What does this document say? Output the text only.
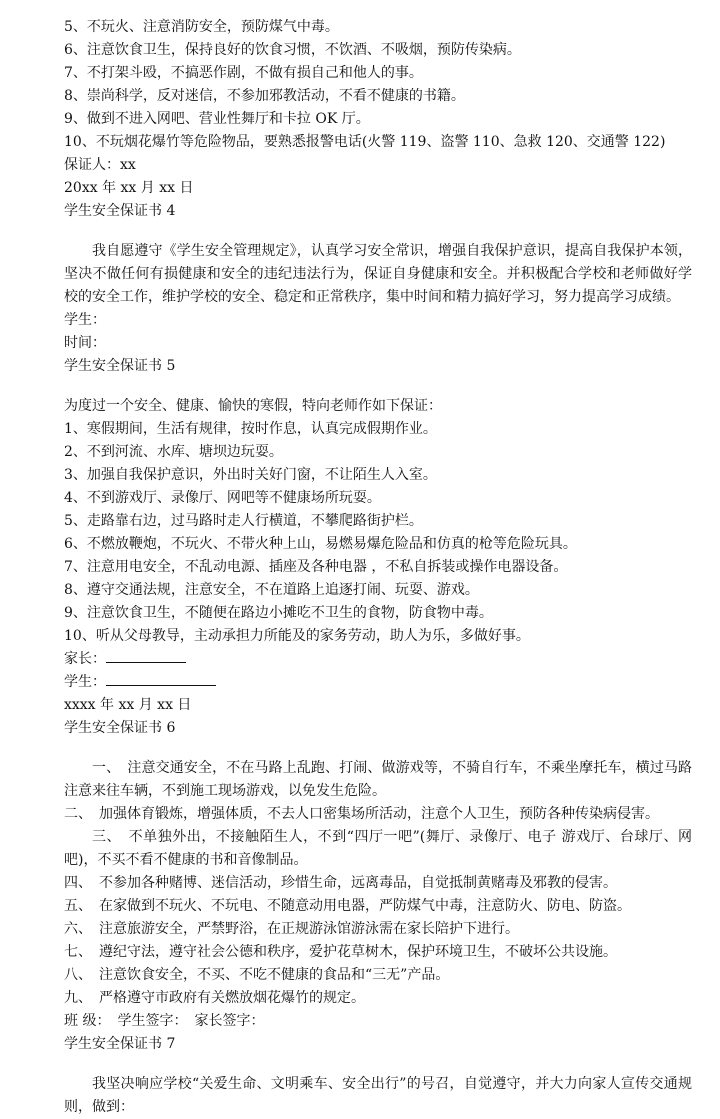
5、不玩火、注意消防安全，预防煤气中毒。
6、注意饮食卫生，保持良好的饮食习惯，不饮酒、不吸烟，预防传染病。
7、不打架斗殴，不搞恶作剧，不做有损自己和他人的事。
8、崇尚科学，反对迷信，不参加邪教活动，不看不健康的书籍。
9、做到不进入网吧、营业性舞厅和卡拉 OK 厅。
10、不玩烟花爆竹等危险物品，要熟悉报警电话(火警 119、盗警 110、急救 120、交通警 122)
保证人：xx
20xx 年 xx 月 xx 日
学生安全保证书 4
我自愿遵守《学生安全管理规定》，认真学习安全常识，增强自我保护意识，提高自我保护本领，坚决不做任何有损健康和安全的违纪违法行为，保证自身健康和安全。并积极配合学校和老师做好学校的安全工作，维护学校的安全、稳定和正常秩序，集中时间和精力搞好学习，努力提高学习成绩。
学生：
时间：
学生安全保证书 5
为度过一个安全、健康、愉快的寒假，特向老师作如下保证：
1、寒假期间，生活有规律，按时作息，认真完成假期作业。
2、不到河流、水库、塘坝边玩耍。
3、加强自我保护意识，外出时关好门窗，不让陌生人入室。
4、不到游戏厅、录像厅、网吧等不健康场所玩耍。
5、走路靠右边，过马路时走人行横道，不攀爬路街护栏。
6、不燃放鞭炮，不玩火、不带火种上山，易燃易爆危险品和仿真的枪等危险玩具。
7、注意用电安全，不乱动电源、插座及各种电器 ，不私自拆装或操作电器设备。
8、遵守交通法规，注意安全，不在道路上追逐打闹、玩耍、游戏。
9、注意饮食卫生，不随便在路边小摊吃不卫生的食物，防食物中毒。
10、听从父母教导，主动承担力所能及的家务劳动，助人为乐，多做好事。
家长：
学生：
xxxx 年 xx 月 xx 日
学生安全保证书 6
一、　注意交通安全，不在马路上乱跑、打闹、做游戏等，不骑自行车，不乘坐摩托车，横过马路注意来往车辆，不到施工现场游戏，以免发生危险。
二、　加强体育锻炼，增强体质，不去人口密集场所活动，注意个人卫生，预防各种传染病侵害。
三、　不单独外出，不接触陌生人，不到“四厅一吧”(舞厅、录像厅、电子 游戏厅、台球厅、网吧)，不买不看不健康的书和音像制品。
四、　不参加各种赌博、迷信活动，珍惜生命，远离毒品，自觉抵制黄赌毒及邪教的侵害。
五、　在家做到不玩火、不玩电、不随意动用电器，严防煤气中毒，注意防火、防电、防盗。
六、　注意旅游安全，严禁野浴，在正规游泳馆游泳需在家长陪护下进行。
七、　遵纪守法，遵守社会公德和秩序，爱护花草树木，保护环境卫生，不破坏公共设施。
八、　注意饮食安全，不买、不吃不健康的食品和“三无”产品。
九、　严格遵守市政府有关燃放烟花爆竹的规定。
班 级：　学生签字：　家长签字：
学生安全保证书 7
我坚决响应学校“关爱生命、文明乘车、安全出行”的号召，自觉遵守，并大力向家人宣传交通规则，做到：
